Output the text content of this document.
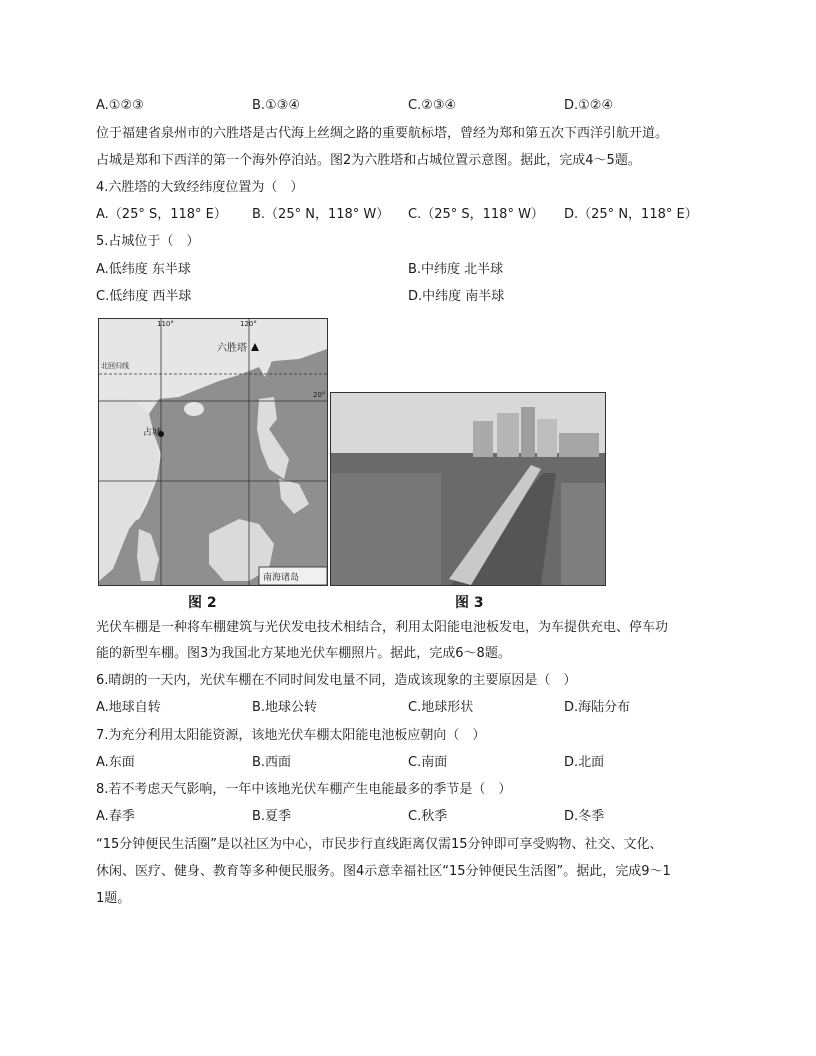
A.①②③	B.①③④	C.②③④	D.①②④
位于福建省泉州市的六胜塔是古代海上丝绸之路的重要航标塔，曾经为郑和第五次下西洋引航开道。
占城是郑和下西洋的第一个海外停泊站。图2为六胜塔和占城位置示意图。据此，完成4～5题。
4.六胜塔的大致经纬度位置为（　）
A.（25° S，118° E） B.（25° N，118° W） C.（25° S，118° W） D.（25° N，118° E）
5.占城位于（　）
A.低纬度 东半球	B.中纬度 北半球
C.低纬度 西半球	D.中纬度 南半球
110°	120°
六胜塔
北回归线
占城
20°
南海诸岛
图 2	图 3
光伏车棚是一种将车棚建筑与光伏发电技术相结合，利用太阳能电池板发电，为车提供充电、停车功
能的新型车棚。图3为我国北方某地光伏车棚照片。据此，完成6～8题。
6.晴朗的一天内，光伏车棚在不同时间发电量不同，造成该现象的主要原因是（　）
A.地球自转	B.地球公转	C.地球形状	D.海陆分布
7.为充分利用太阳能资源，该地光伏车棚太阳能电池板应朝向（　）
A.东面	B.西面	C.南面	D.北面
8.若不考虑天气影响，一年中该地光伏车棚产生电能最多的季节是（　）
A.春季	B.夏季	C.秋季	D.冬季
“15分钟便民生活圈”是以社区为中心，市民步行直线距离仅需15分钟即可享受购物、社交、文化、
休闲、医疗、健身、教育等多种便民服务。图4示意幸福社区“15分钟便民生活图”。据此，完成9～1
1题。
